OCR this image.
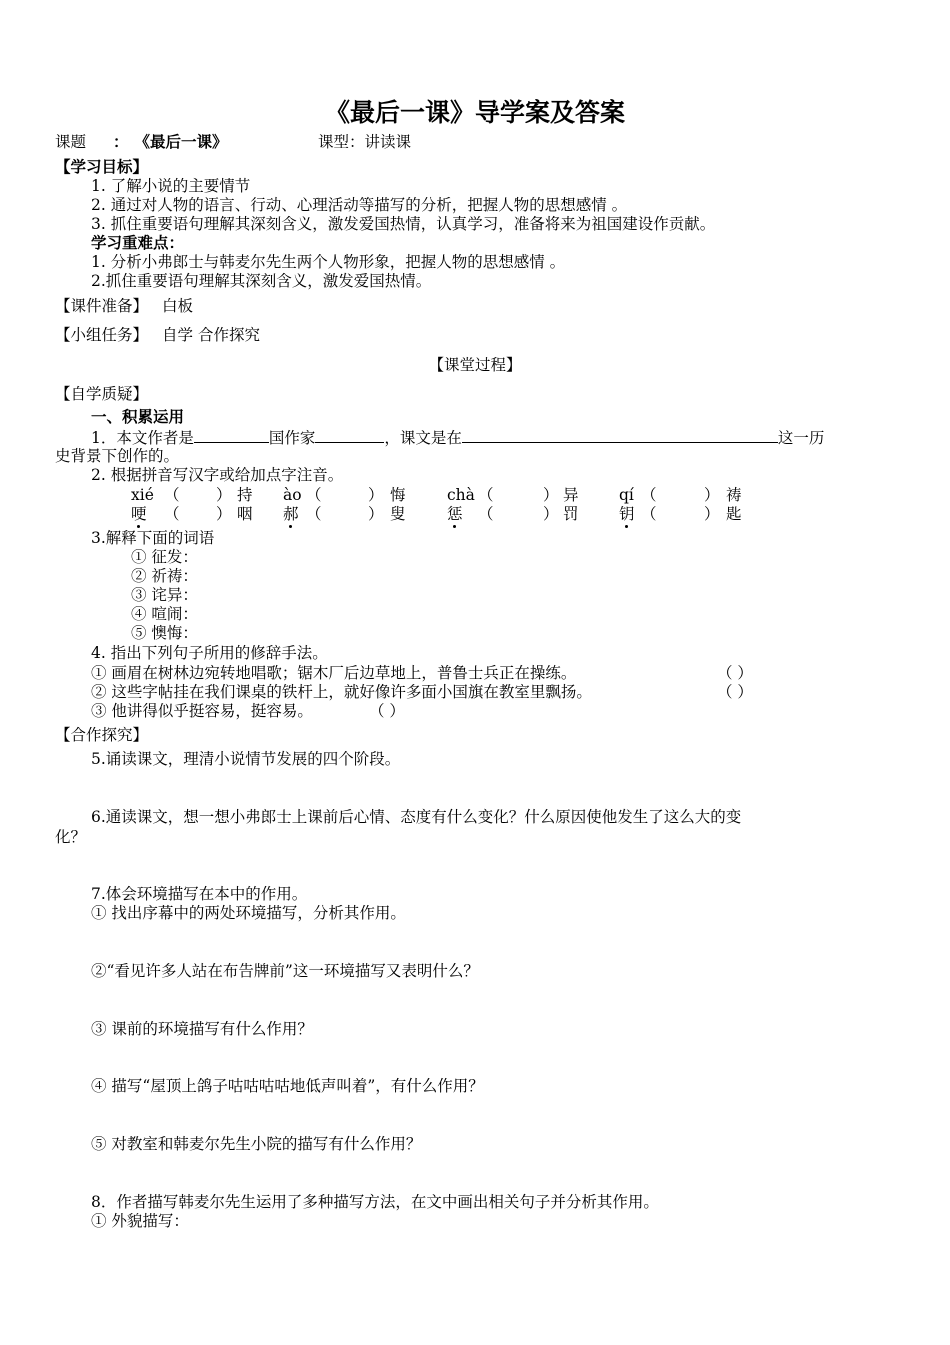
《最后一课》导学案及答案
课题 ： 《最后一课》	课型：讲读课
【学习目标】
1. 了解小说的主要情节
2. 通过对人物的语言、行动、心理活动等描写的分析，把握人物的思想感情 。
3. 抓住重要语句理解其深刻含义，激发爱国热情，认真学习，准备将来为祖国建设作贡献。
学习重难点：
1. 分析小弗郎士与韩麦尔先生两个人物形象，把握人物的思想感情 。
2.抓住重要语句理解其深刻含义，激发爱国热情。
【课件准备】 白板
【小组任务】 自学 合作探究
【课堂过程】
【自学质疑】
一、积累运用
1．本文作者是	国作家	，课文是在	这一历
史背景下创作的。
2. 根据拼音写汉字或给加点字注音。
xié （ ） 持 ào （	） 悔	chà （	） 异	qí （	） 祷
哽 （ ） 咽 郝 （	） 叟	惩 （	） 罚	钥 （	） 匙
3.解释下面的词语
① 征发：
② 祈祷：
③ 诧异：
④ 喧闹：
⑤ 懊悔：
4. 指出下列句子所用的修辞手法。
① 画眉在树林边宛转地唱歌；锯木厂后边草地上，普鲁士兵正在操练。	（ ）
② 这些字帖挂在我们课桌的铁杆上，就好像许多面小国旗在教室里飘扬。	（ ）
③ 他讲得似乎挺容易，挺容易。	（ ）
【合作探究】
5.诵读课文，理清小说情节发展的四个阶段。
6.通读课文，想一想小弗郎士上课前后心情、态度有什么变化？什么原因使他发生了这么大的变
化？
7.体会环境描写在本中的作用。
① 找出序幕中的两处环境描写，分析其作用。
②“看见许多人站在布告牌前”这一环境描写又表明什么？
③ 课前的环境描写有什么作用？
④ 描写“屋顶上鸽子咕咕咕咕地低声叫着”，有什么作用？
⑤ 对教室和韩麦尔先生小院的描写有什么作用？
8．作者描写韩麦尔先生运用了多种描写方法，在文中画出相关句子并分析其作用。
① 外貌描写：
